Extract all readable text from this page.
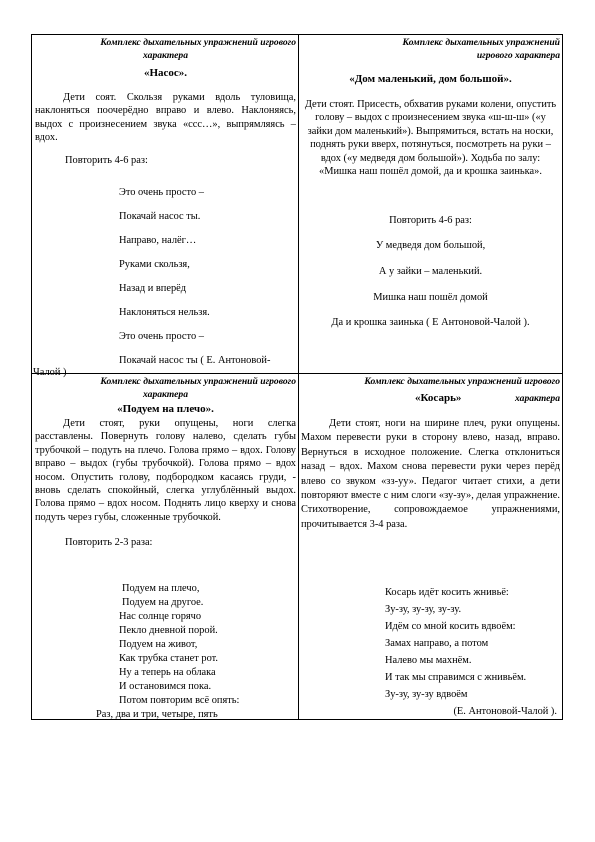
Комплекс дыхательных упражнений игрового
характера
«Насос».
Дети соят. Скользя руками вдоль туловища, наклоняться поочерёдно вправо и влево. Наклоняясь, выдох с произнесением звука «ссс…», выпрямляясь – вдох.
Повторить 4-6 раз:
Это очень просто –
Покачай насос ты.
Направо, налёг…
Руками скользя,
Назад и вперёд
Наклоняться нельзя.
Это очень просто –
Покачай насос ты ( Е. Антоновой-
Чалой )
Комплекс дыхательных упражнений
игрового характера
«Дом маленький, дом большой».
Дети стоят. Присесть, обхватив руками колени, опустить голову – выдох с произнесением звука «ш-ш-ш» («у зайки дом маленький»). Выпрямиться, встать на носки, поднять руки вверх, потянуться, посмотреть на руки – вдох («у медведя дом большой»). Ходьба по залу: «Мишка наш пошёл домой, да и крошка заинька».
Повторить 4-6 раз:
У медведя дом большой,
А у зайки – маленький.
Мишка наш пошёл домой
Да и крошка заинька ( Е Антоновой-Чалой ).
Комплекс дыхательных упражнений игрового
характера
«Подуем на плечо».
Дети стоят, руки опущены, ноги слегка расставлены. Повернуть голову налево, сделать губы трубочкой – подуть на плечо. Голова прямо – вдох. Голову вправо – выдох (губы трубочкой). Голова прямо – вдох носом. Опустить голову, подбородком касаясь груди, - вновь сделать спокойный, слегка углублённый выдох. Голова прямо – вдох носом. Поднять лицо кверху и снова подуть через губы, сложенные трубочкой.
Повторить 2-3 раза:
Подуем на плечо,
Подуем на другое.
Нас солнце горячо
Пекло дневной порой.
Подуем на живот,
Как трубка станет рот.
Ну а теперь на облака
И остановимся пока.
Потом повторим всё опять:
Раз, два и три, четыре, пять
Комплекс дыхательных упражнений игрового
характера
«Косарь»
Дети стоят, ноги на ширине плеч, руки опущены. Махом перевести руки в сторону влево, назад, вправо. Вернуться в исходное положение. Слегка отклониться назад – вдох. Махом снова перевести руки через перёд влево со звуком «зз-уу». Педагог читает стихи, а дети повторяют вместе с ним слоги «зу-зу», делая упражнение. Стихотворение, сопровождаемое упражнениями, прочитывается 3-4 раза.
Косарь идёт косить жнивьё:
Зу-зу, зу-зу, зу-зу.
Идём со мной косить вдвоём:
Замах направо, а потом
Налево мы махнём.
И так мы справимся с жнивьём.
Зу-зу, зу-зу вдвоём
(Е. Антоновой-Чалой ).
